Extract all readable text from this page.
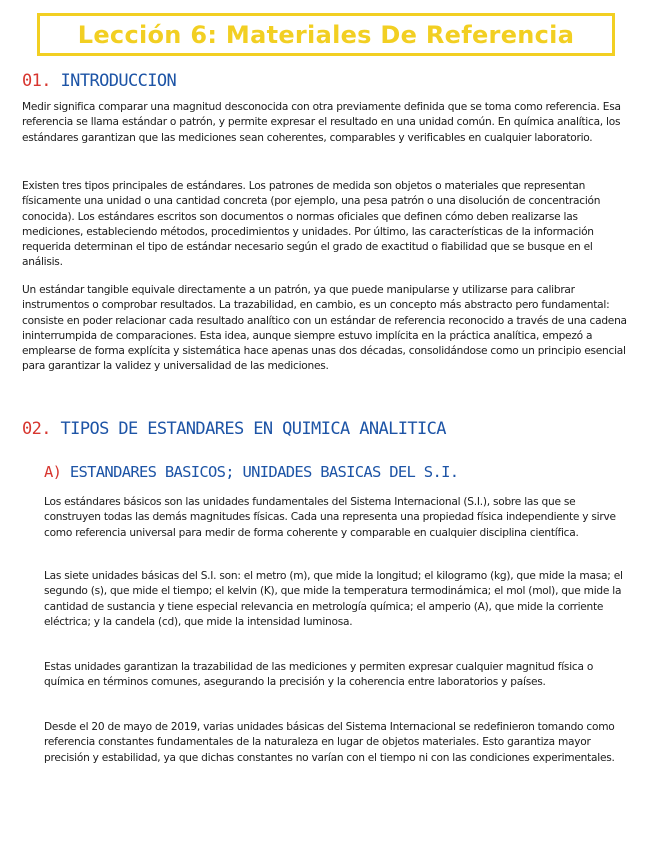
Lección 6: Materiales De Referencia
01. INTRODUCCION

Medir significa comparar una magnitud desconocida con otra previamente definida que se toma como referencia. Esa referencia se llama estándar o patrón, y permite expresar el resultado en una unidad común. En química analítica, los estándares garantizan que las mediciones sean coherentes, comparables y verificables en cualquier laboratorio.

Existen tres tipos principales de estándares. Los patrones de medida son objetos o materiales que representan físicamente una unidad o una cantidad concreta (por ejemplo, una pesa patrón o una disolución de concentración conocida). Los estándares escritos son documentos o normas oficiales que definen cómo deben realizarse las mediciones, estableciendo métodos, procedimientos y unidades. Por último, las características de la información requerida determinan el tipo de estándar necesario según el grado de exactitud o fiabilidad que se busque en el análisis.

Un estándar tangible equivale directamente a un patrón, ya que puede manipularse y utilizarse para calibrar instrumentos o comprobar resultados. La trazabilidad, en cambio, es un concepto más abstracto pero fundamental: consiste en poder relacionar cada resultado analítico con un estándar de referencia reconocido a través de una cadena ininterrumpida de comparaciones. Esta idea, aunque siempre estuvo implícita en la práctica analítica, empezó a emplearse de forma explícita y sistemática hace apenas unas dos décadas, consolidándose como un principio esencial para garantizar la validez y universalidad de las mediciones.

02. TIPOS DE ESTANDARES EN QUIMICA ANALITICA
A) ESTANDARES BASICOS; UNIDADES BASICAS DEL S.I.

Los estándares básicos son las unidades fundamentales del Sistema Internacional (S.I.), sobre las que se construyen todas las demás magnitudes físicas. Cada una representa una propiedad física independiente y sirve como referencia universal para medir de forma coherente y comparable en cualquier disciplina científica.

Las siete unidades básicas del S.I. son: el metro (m), que mide la longitud; el kilogramo (kg), que mide la masa; el segundo (s), que mide el tiempo; el kelvin (K), que mide la temperatura termodinámica; el mol (mol), que mide la cantidad de sustancia y tiene especial relevancia en metrología química; el amperio (A), que mide la corriente eléctrica; y la candela (cd), que mide la intensidad luminosa.

Estas unidades garantizan la trazabilidad de las mediciones y permiten expresar cualquier magnitud física o química en términos comunes, asegurando la precisión y la coherencia entre laboratorios y países.

Desde el 20 de mayo de 2019, varias unidades básicas del Sistema Internacional se redefinieron tomando como referencia constantes fundamentales de la naturaleza en lugar de objetos materiales. Esto garantiza mayor precisión y estabilidad, ya que dichas constantes no varían con el tiempo ni con las condiciones experimentales.
